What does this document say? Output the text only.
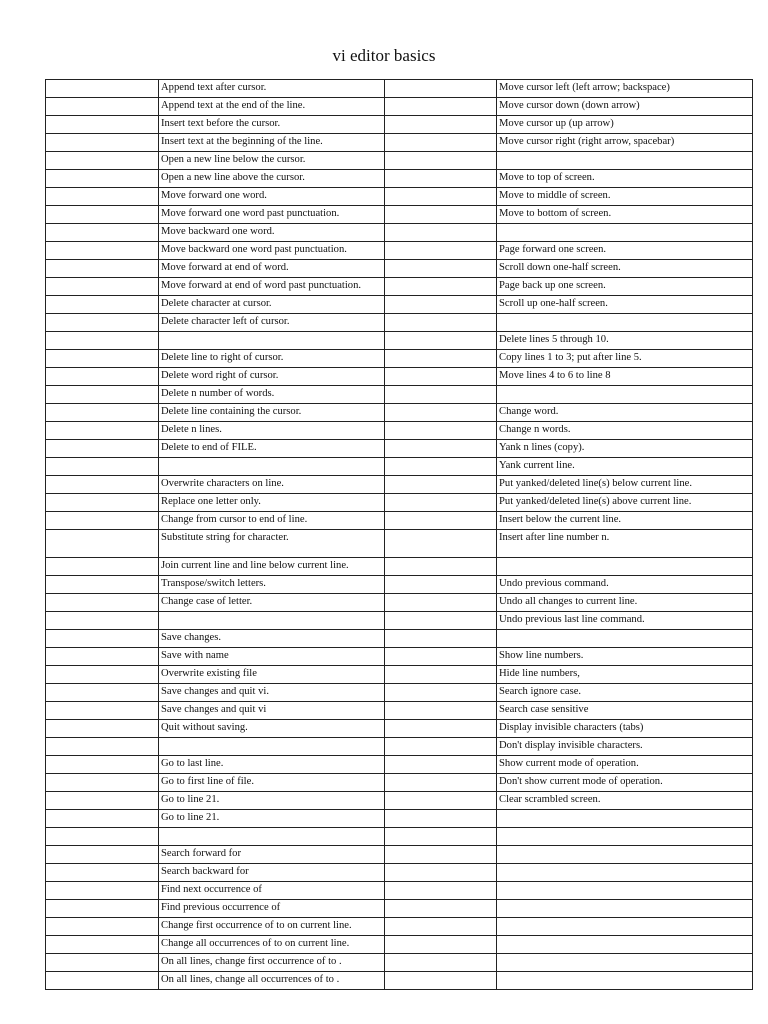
vi editor basics
	Append text after cursor.		Move cursor left (left arrow; backspace)
	Append text at the end of the line.		Move cursor down (down arrow)
	Insert text before the cursor.		Move cursor up (up arrow)
	Insert text at the beginning of the line.		Move cursor right (right arrow, spacebar)
	Open a new line below the cursor.		
	Open a new line above the cursor.		Move to top of screen.
	Move forward one word.		Move to middle of screen.
	Move forward one word past punctuation.		Move to bottom of screen.
	Move backward one word.		
	Move backward one word past punctuation.		Page forward one screen.
	Move forward at end of word.		Scroll down one-half screen.
	Move forward at end of word past punctuation.		Page back up one screen.
	Delete character at cursor.		Scroll up one-half screen.
	Delete character left of cursor.		
			Delete lines 5 through 10.
	Delete line to right of cursor.		Copy lines 1 to 3; put after line 5.
	Delete word right of cursor.		Move lines 4 to 6 to line 8
	Delete n number of words.		
	Delete line containing the cursor.		Change word.
	Delete n lines.		Change n words.
	Delete to end of FILE.		Yank n lines (copy).
			Yank current line.
	Overwrite characters on line.		Put yanked/deleted line(s) below current line.
	Replace one letter only.		Put yanked/deleted line(s) above current line.
	Change from cursor to end of line.		Insert below the current line.
	Substitute string for character.		Insert after line number n.
	Join current line and line below current line.		
	Transpose/switch letters.		Undo previous command.
	Change case of letter.		Undo all changes to current line.
			Undo previous last line command.
	Save changes.		
	Save with name		Show line numbers.
	Overwrite existing file		Hide line numbers,
	Save changes and quit vi.		Search ignore case.
	Save changes and quit vi		Search case sensitive
	Quit without saving.		Display invisible characters (tabs)
			Don't display invisible characters.
	Go to last line.		Show current mode of operation.
	Go to first line of file.		Don't show current mode of operation.
	Go to line 21.		Clear scrambled screen.
	Go to line 21.		

	Search forward for		
	Search backward for		
	Find next occurrence of		
	Find previous occurrence of		
	Change first occurrence of to on current line.		
	Change all occurrences of to on current line.		
	On all lines, change first occurrence of to .		
	On all lines, change all occurrences of to .		
